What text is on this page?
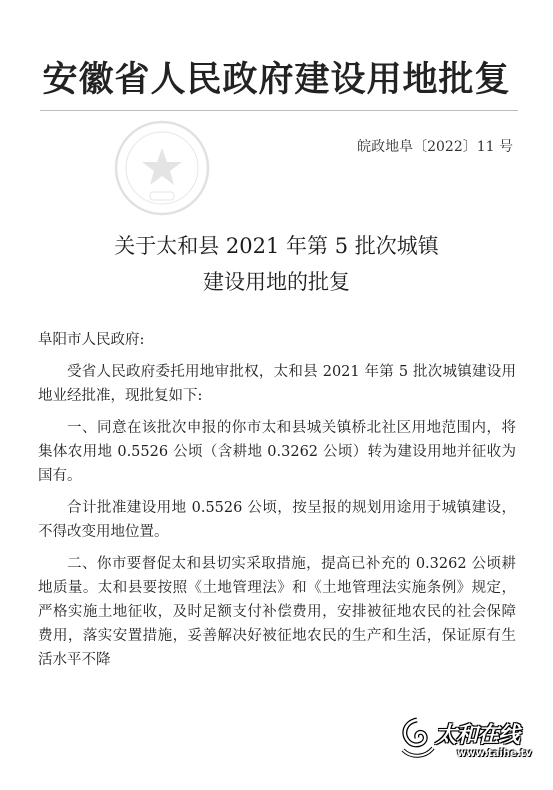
安徽省人民政府建设用地批复
皖政地阜〔2022〕11 号
关于太和县 2021 年第 5 批次城镇
建设用地的批复
阜阳市人民政府:

受省人民政府委托用地审批权，太和县 2021 年第 5 批次城镇建设用地业经批准，现批复如下:

一、同意在该批次申报的你市太和县城关镇桥北社区用地范围内，将集体农用地 0.5526 公顷（含耕地 0.3262 公顷）转为建设用地并征收为国有。

合计批准建设用地 0.5526 公顷，按呈报的规划用途用于城镇建设，不得改变用地位置。

二、你市要督促太和县切实采取措施，提高已补充的 0.3262 公顷耕地质量。太和县要按照《土地管理法》和《土地管理法实施条例》规定，严格实施土地征收，及时足额支付补偿费用，安排被征地农民的社会保障费用，落实安置措施，妥善解决好被征地农民的生产和生活，保证原有生活水平不降

太和在线
www.taihe.tv
